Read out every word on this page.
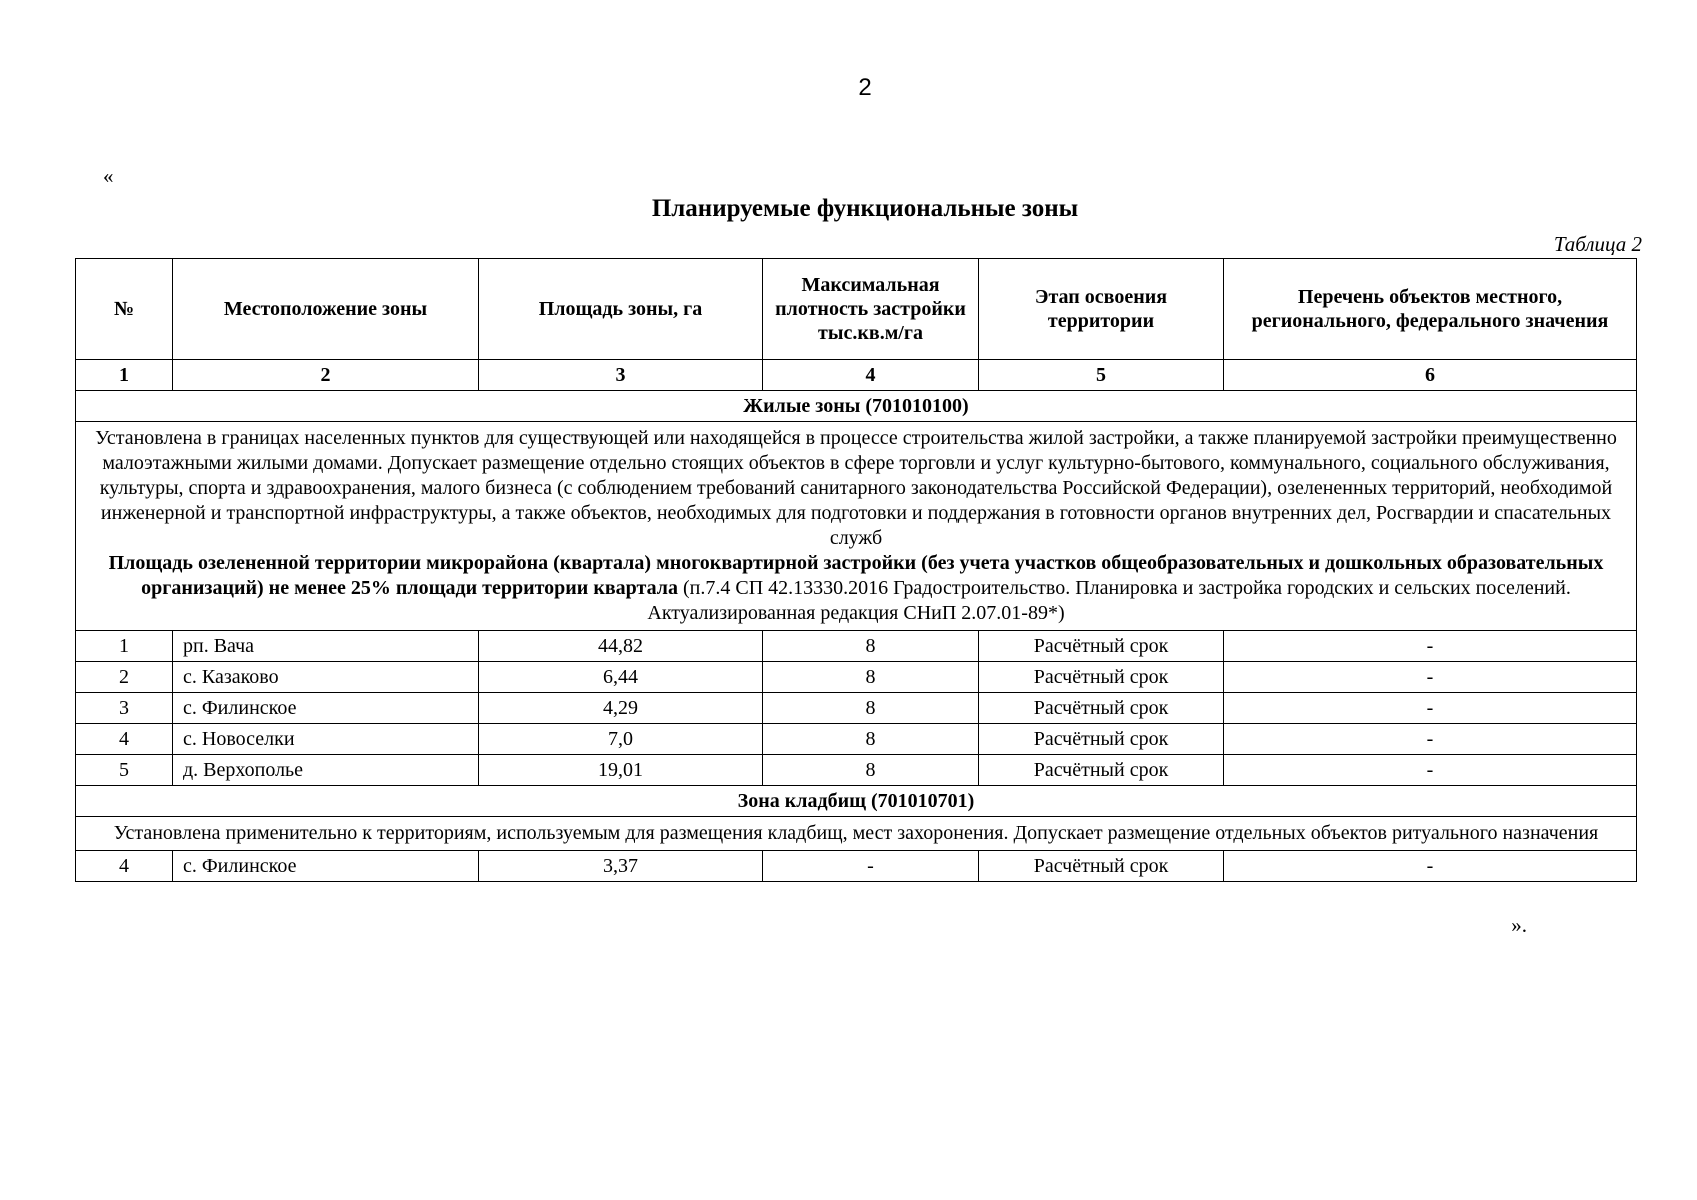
2
«
Планируемые функциональные зоны
Таблица 2
№	Местоположение зоны	Площадь зоны, га	Максимальная плотность застройки тыс.кв.м/га	Этап освоения территории	Перечень объектов местного, регионального, федерального значения
1	2	3	4	5	6
Жилые зоны (701010100)					

Установлена в границах населенных пунктов для существующей или находящейся в процессе строительства жилой застройки, а также планируемой застройки преимущественно малоэтажными жилыми домами. Допускает размещение отдельно стоящих объектов в сфере торговли и услуг культурно-бытового, коммунального, социального обслуживания, культуры, спорта и здравоохранения, малого бизнеса (с соблюдением требований санитарного законодательства Российской Федерации), озелененных территорий, необходимой инженерной и транспортной инфраструктуры, а также объектов, необходимых для подготовки и поддержания в готовности органов внутренних дел, Росгвардии и спасательных служб
Площадь озелененной территории микрорайона (квартала) многоквартирной застройки (без учета участков общеобразовательных и дошкольных образовательных организаций) не менее 25% площади территории квартала (п.7.4 СП 42.13330.2016 Градостроительство. Планировка и застройка городских и сельских поселений. Актуализированная редакция СНиП 2.07.01-89*)					

1	рп. Вача	44,82	8	Расчётный срок	-
2	с. Казаково	6,44	8	Расчётный срок	-
3	с. Филинское	4,29	8	Расчётный срок	-
4	с. Новоселки	7,0	8	Расчётный срок	-
5	д. Верхополье	19,01	8	Расчётный срок	-
Зона кладбищ (701010701)					
Установлена применительно к территориям, используемым для размещения кладбищ, мест захоронения. Допускает размещение отдельных объектов ритуального назначения					
4	с. Филинское	3,37	-	Расчётный срок	-
».
